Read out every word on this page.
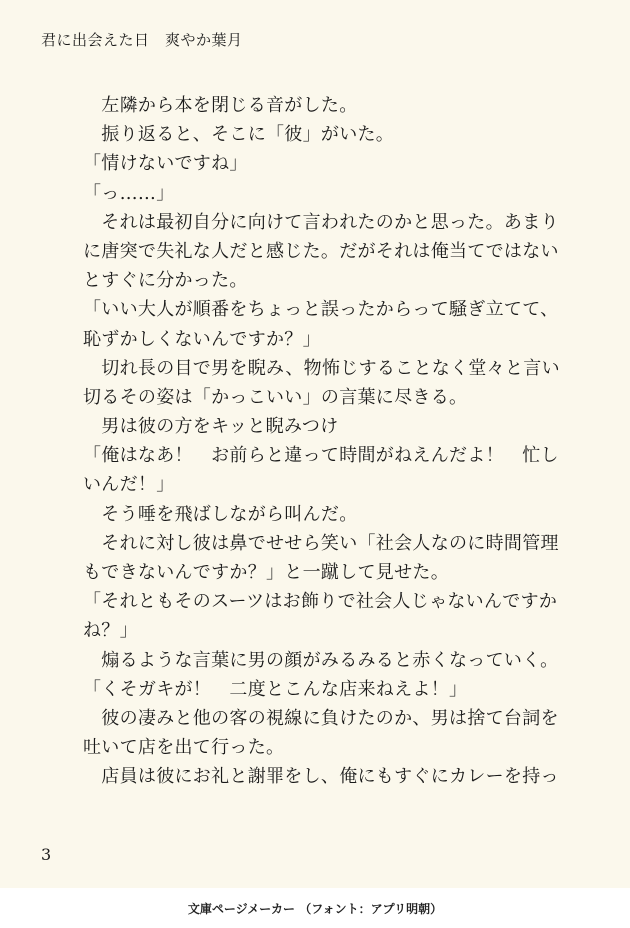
君に出会えた日　爽やか葉月
　左隣から本を閉じる音がした。
　振り返ると、そこに「彼」がいた。
「情けないですね」
「っ……」
　それは最初自分に向けて言われたのかと思った。あまり
に唐突で失礼な人だと感じた。だがそれは俺当てではない
とすぐに分かった。
「いい大人が順番をちょっと誤ったからって騒ぎ立てて、
恥ずかしくないんですか？」
　切れ長の目で男を睨み、物怖じすることなく堂々と言い
切るその姿は「かっこいい」の言葉に尽きる。
　男は彼の方をキッと睨みつけ
「俺はなあ！　お前らと違って時間がねえんだよ！　忙し
いんだ！」
　そう唾を飛ばしながら叫んだ。
　それに対し彼は鼻でせせら笑い「社会人なのに時間管理
もできないんですか？」と一蹴して見せた。
「それともそのスーツはお飾りで社会人じゃないんですか
ね？」
　煽るような言葉に男の顔がみるみると赤くなっていく。
「くそガキが！　二度とこんな店来ねえよ！」
　彼の凄みと他の客の視線に負けたのか、男は捨て台詞を
吐いて店を出て行った。
　店員は彼にお礼と謝罪をし、俺にもすぐにカレーを持っ
3
文庫ページメーカー （フォント：アプリ明朝）
